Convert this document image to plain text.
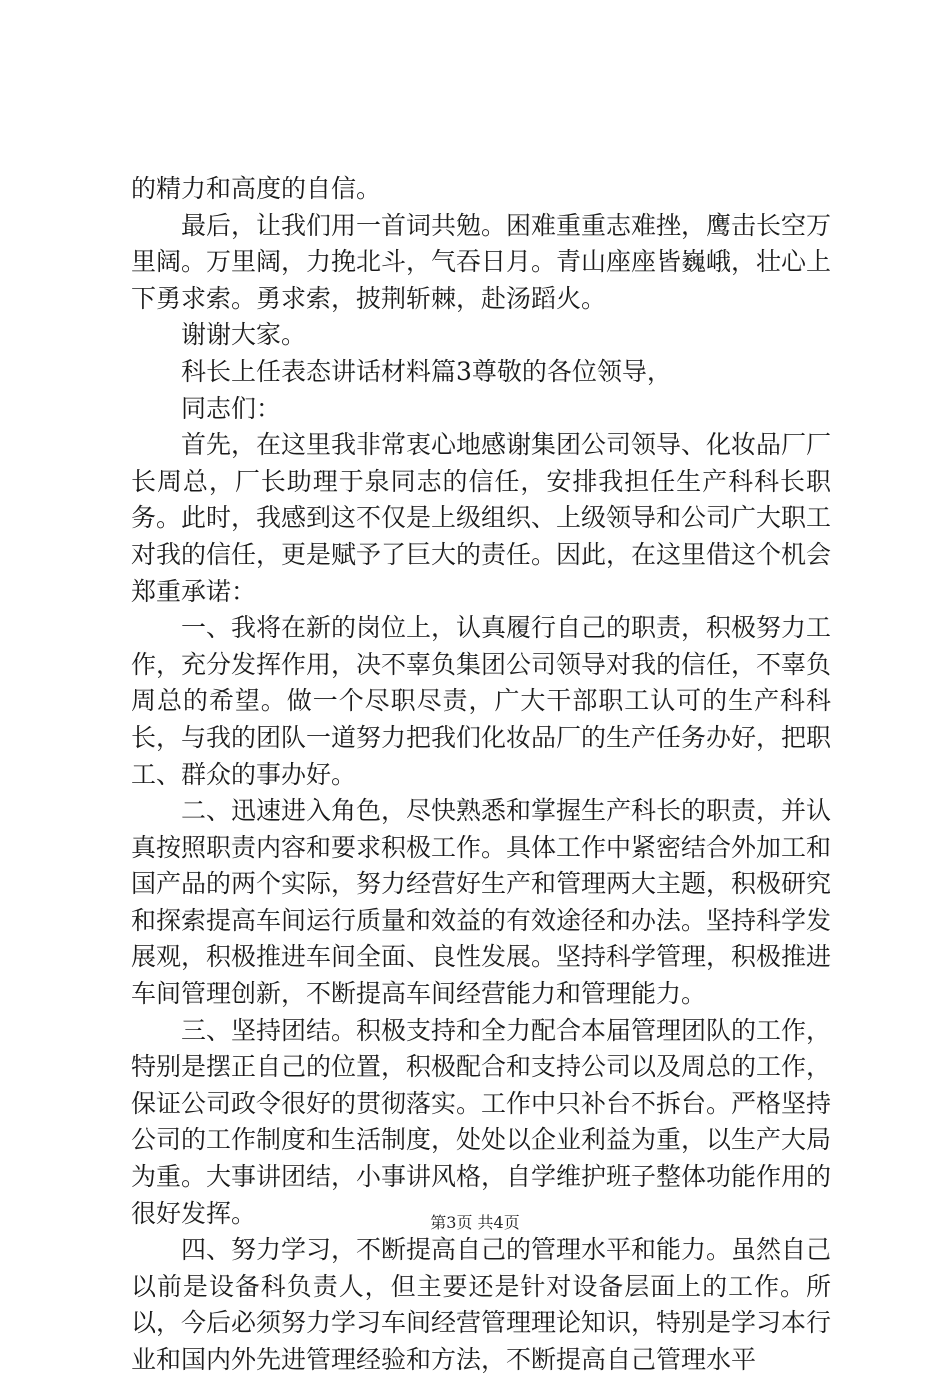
的精力和高度的自信。

最后，让我们用一首词共勉。困难重重志难挫，鹰击长空万里阔。万里阔，力挽北斗，气吞日月。青山座座皆巍峨，壮心上下勇求索。勇求索，披荆斩棘，赴汤蹈火。

谢谢大家。

科长上任表态讲话材料篇3尊敬的各位领导，

同志们：

首先，在这里我非常衷心地感谢集团公司领导、化妆品厂厂长周总，厂长助理于泉同志的信任，安排我担任生产科科长职务。此时，我感到这不仅是上级组织、上级领导和公司广大职工对我的信任，更是赋予了巨大的责任。因此，在这里借这个机会郑重承诺：

一、我将在新的岗位上，认真履行自己的职责，积极努力工作，充分发挥作用，决不辜负集团公司领导对我的信任，不辜负周总的希望。做一个尽职尽责，广大干部职工认可的生产科科长，与我的团队一道努力把我们化妆品厂的生产任务办好，把职工、群众的事办好。

二、迅速进入角色，尽快熟悉和掌握生产科长的职责，并认真按照职责内容和要求积极工作。具体工作中紧密结合外加工和国产品的两个实际，努力经营好生产和管理两大主题，积极研究和探索提高车间运行质量和效益的有效途径和办法。坚持科学发展观，积极推进车间全面、良性发展。坚持科学管理，积极推进车间管理创新，不断提高车间经营能力和管理能力。

三、坚持团结。积极支持和全力配合本届管理团队的工作，特别是摆正自己的位置，积极配合和支持公司以及周总的工作，保证公司政令很好的贯彻落实。工作中只补台不拆台。严格坚持公司的工作制度和生活制度，处处以企业利益为重，以生产大局为重。大事讲团结，小事讲风格，自学维护班子整体功能作用的很好发挥。

四、努力学习，不断提高自己的管理水平和能力。虽然自己以前是设备科负责人，但主要还是针对设备层面上的工作。所以，今后必须努力学习车间经营管理理论知识，特别是学习本行业和国内外先进管理经验和方法，不断提高自己管理水平

第3页 共4页
